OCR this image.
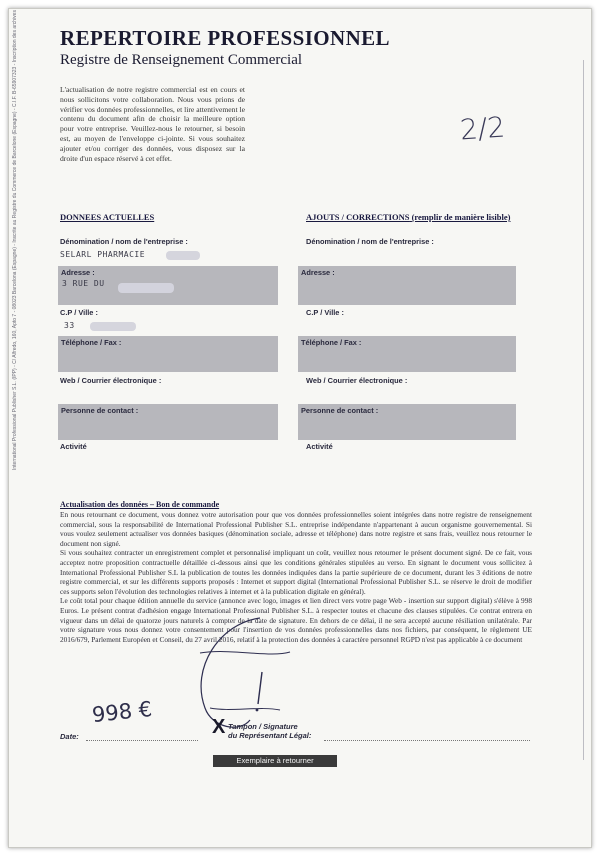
REPERTOIRE PROFESSIONNEL
Registre de Renseignement Commercial
International Professional Publisher S.L. (IPP) - C/ Alfredo, 160, Apto 7 - 08023 Barcelona (Espagne) - Inscrite au Registre du Commerce de Barcelone (Espagne) - C.I.F. B-65907323 - Inscription des archives	L'actualisation de notre registre commercial est en cours et nous sollicitons votre collaboration. Nous vous prions de vérifier vos données professionnelles, et lire attentivement le contenu du document afin de choisir la meilleure option pour votre entreprise. Veuillez-nous le retourner, si besoin est, au moyen de l'enveloppe ci-jointe. Si vous souhaitez ajouter et/ou corriger des données, vous disposez sur la droite d'un espace réservé à cet effet.
2/2
DONNEES ACTUELLES
Dénomination / nom de l'entreprise :
SELARL PHARMACIE
Adresse :
3 RUE DU
C.P / Ville :
33
Téléphone / Fax :
Web / Courrier électronique :
Personne de contact :
Activité
AJOUTS / CORRECTIONS (remplir de manière lisible)
Dénomination / nom de l'entreprise :
Adresse :
C.P / Ville :
Téléphone / Fax :
Web / Courrier électronique :
Personne de contact :
Activité
Actualisation des données – Bon de commande

En nous retournant ce document, vous donnez votre autorisation pour que vos données professionnelles soient intégrées dans notre registre de renseignement commercial, sous la responsabilité de International Professional Publisher S.L. entreprise indépendante n'appartenant à aucun organisme gouvernemental. Si vous voulez seulement actualiser vos données basiques (dénomination sociale, adresse et téléphone) dans notre registre et sans frais, veuillez nous retourner le document non signé.

Si vous souhaitez contracter un enregistrement complet et personnalisé impliquant un coût, veuillez nous retourner le présent document signé. De ce fait, vous acceptez notre proposition contractuelle détaillée ci-dessous ainsi que les conditions générales stipulées au verso. En signant le document vous sollicitez à International Professional Publisher S.L la publication de toutes les données indiquées dans la partie supérieure de ce document, durant les 3 éditions de notre registre commercial, et sur les différents supports proposés : Internet et support digital (International Professional Publisher S.L. se réserve le droit de modifier ces supports selon l'évolution des technologies relatives à internet et à la publication digitale en général).

Le coût total pour chaque édition annuelle du service (annonce avec logo, images et lien direct vers votre page Web - insertion sur support digital) s'élève à 998 Euros. Le présent contrat d'adhésion engage International Professional Publisher S.L. à respecter toutes et chacune des clauses stipulées. Ce contrat entrera en vigueur dans un délai de quatorze jours naturels à compter de la date de signature. En dehors de ce délai, il ne sera accepté aucune résiliation unilatérale. Par votre signature vous nous donnez votre consentement pour l'insertion de vos données professionnelles dans nos fichiers, par conséquent, le règlement UE 2016/679, Parlement Européen et Conseil, du 27 avril 2016, relatif à la protection des données à caractère personnel RGPD n'est pas applicable à ce document

998 €
Date:	X Tampon / Signature
du Représentant Légal:
Exemplaire à retourner
